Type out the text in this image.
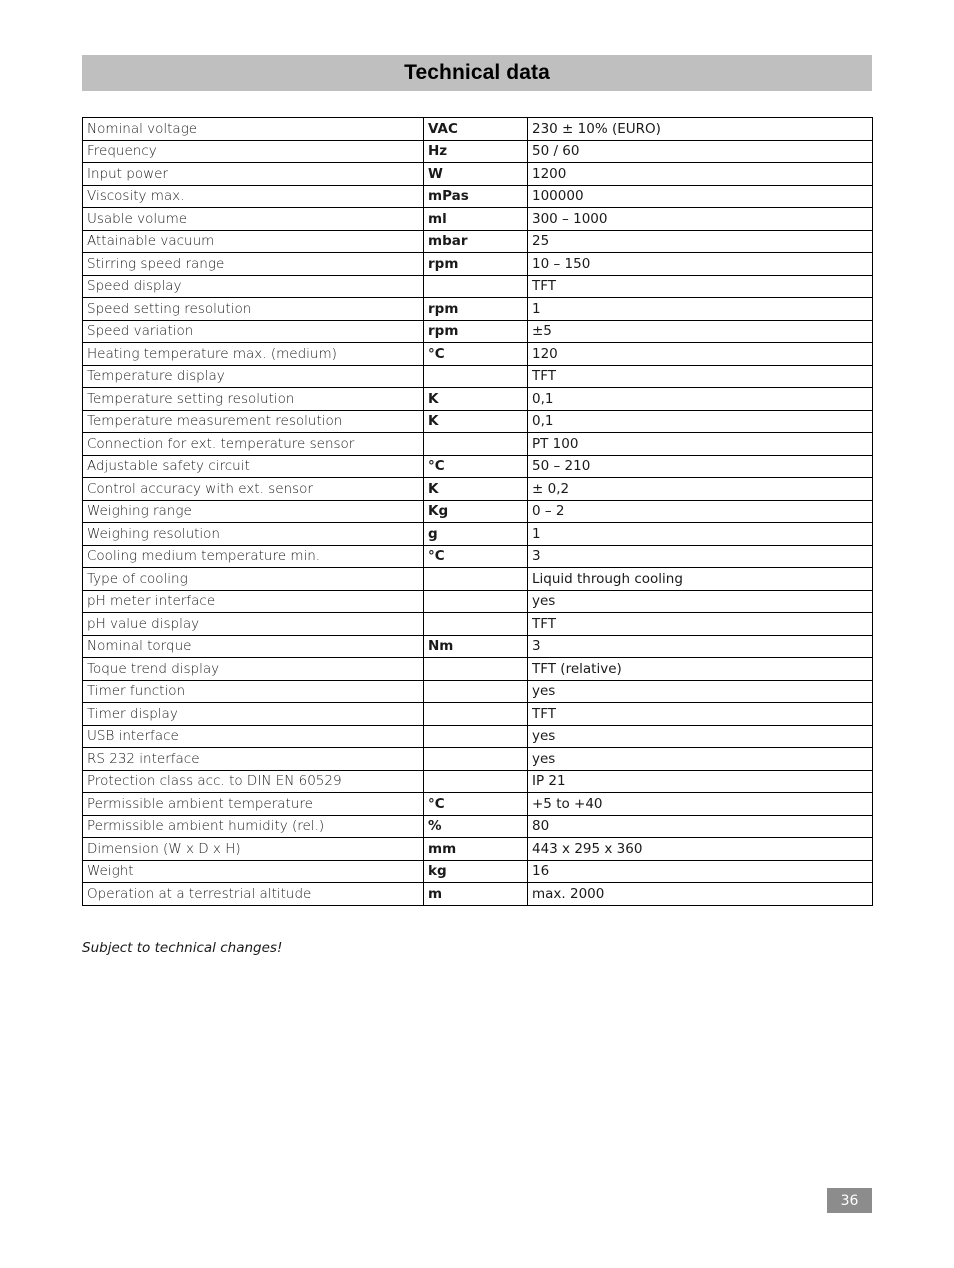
Technical data
Nominal voltage	VAC	230 ± 10% (EURO)
Frequency	Hz	50 / 60
Input power	W	1200
Viscosity max.	mPas	100000
Usable volume	ml	300 – 1000
Attainable vacuum	mbar	25
Stirring speed range	rpm	10 – 150
Speed display		TFT
Speed setting resolution	rpm	1
Speed variation	rpm	±5
Heating temperature max. (medium)	°C	120
Temperature display		TFT
Temperature setting resolution	K	0,1
Temperature measurement resolution	K	0,1
Connection for ext. temperature sensor		PT 100
Adjustable safety circuit	°C	50 – 210
Control accuracy with ext. sensor	K	± 0,2
Weighing range	Kg	0 – 2
Weighing resolution	g	1
Cooling medium temperature min.	°C	3
Type of cooling		Liquid through cooling
pH meter interface		yes
pH value display		TFT
Nominal torque	Nm	3
Toque trend display		TFT (relative)
Timer function		yes
Timer display		TFT
USB interface		yes
RS 232 interface		yes
Protection class acc. to DIN EN 60529		IP 21
Permissible ambient temperature	°C	+5 to +40
Permissible ambient humidity (rel.)	%	80
Dimension (W x D x H)	mm	443 x 295 x 360
Weight	kg	16
Operation at a terrestrial altitude	m	max. 2000
Subject to technical changes!
36
